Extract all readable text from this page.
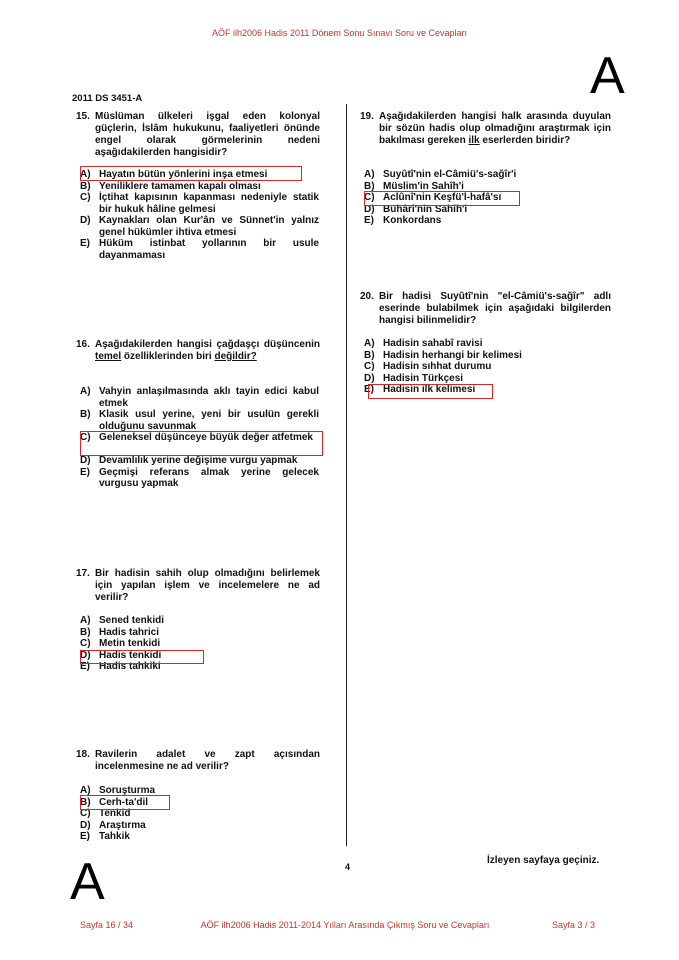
AÖF ilh2006 Hadis 2011 Dönem Sonu Sınavı Soru ve Cevapları
A
2011 DS 3451-A
15. Müslüman ülkeleri işgal eden kolonyal güçlerin, İslâm hukukunu, faaliyetleri önünde engel olarak görmelerinin nedeni aşağıdakilerden hangisidir?
A) Hayatın bütün yönlerini inşa etmesi
B) Yeniliklere tamamen kapalı olması
C) İçtihat kapısının kapanması nedeniyle statik bir hukuk hâline gelmesi
D) Kaynakları olan Kur'ân ve Sünnet'in yalnız genel hükümler ihtiva etmesi
E) Hüküm istinbat yollarının bir usule dayanmaması
16. Aşağıdakilerden hangisi çağdaşçı düşüncenin temel özelliklerinden biri değildir?
A) Vahyin anlaşılmasında aklı tayin edici kabul etmek
B) Klasik usul yerine, yeni bir usulün gerekli olduğunu savunmak
C) Geleneksel düşünceye büyük değer atfetmek
D) Devamlılık yerine değişime vurgu yapmak
E) Geçmişi referans almak yerine gelecek vurgusu yapmak
17. Bir hadisin sahih olup olmadığını belirlemek için yapılan işlem ve incelemelere ne ad verilir?
A) Sened tenkidi
B) Hadis tahrici
C) Metin tenkidi
D) Hadis tenkidi
E) Hadis tahkiki
18. Ravilerin adalet ve zapt açısından incelenmesine ne ad verilir?
A) Soruşturma
B) Cerh-ta'dil
C) Tenkid
D) Araştırma
E) Tahkik
19. Aşağıdakilerden hangisi halk arasında duyulan bir sözün hadis olup olmadığını araştırmak için bakılması gereken ilk eserlerden biridir?
A) Suyûtî'nin el-Câmiü's-sağîr'i
B) Müslim'in Sahîh'i
C) Aclûnî'nin Keşfü'l-hafâ'sı
D) Buhârî'nin Sahîh'i
E) Konkordans
20. Bir hadisi Suyûtî'nin "el-Câmiü's-sağîr" adlı eserinde bulabilmek için aşağıdaki bilgilerden hangisi bilinmelidir?
A) Hadisin sahabî ravisi
B) Hadisin herhangi bir kelimesi
C) Hadisin sıhhat durumu
D) Hadisin Türkçesi
E) Hadisin ilk kelimesi
4
İzleyen sayfaya geçiniz.
A
Sayfa 16 / 34	AÖF ilh2006 Hadis 2011-2014 Yılları Arasında Çıkmış Soru ve Cevapları	Sayfa 3 / 3
